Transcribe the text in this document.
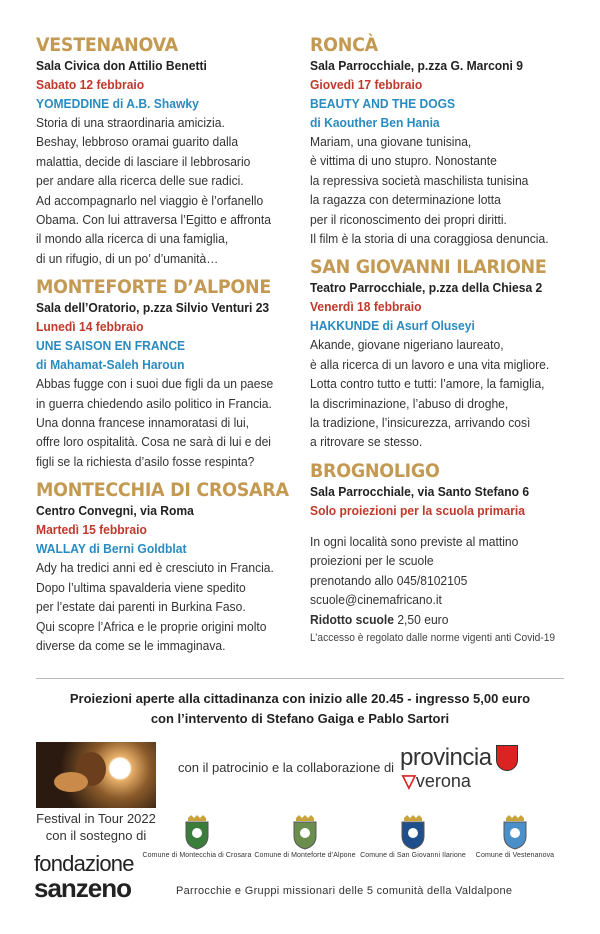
VESTENANOVA
Sala Civica don Attilio Benetti
Sabato 12 febbraio
YOMEDDINE di A.B. Shawky
Storia di una straordinaria amicizia.
Beshay, lebbroso oramai guarito dalla
malattia, decide di lasciare il lebbrosario
per andare alla ricerca delle sue radici.
Ad accompagnarlo nel viaggio è l’orfanello
Obama. Con lui attraversa l’Egitto e affronta
il mondo alla ricerca di una famiglia,
di un rifugio, di un po’ d’umanità…
MONTEFORTE D’ALPONE
Sala dell’Oratorio, p.zza Silvio Venturi 23
Lunedì 14 febbraio
UNE SAISON EN FRANCE
di Mahamat-Saleh Haroun
Abbas fugge con i suoi due figli da un paese
in guerra chiedendo asilo politico in Francia.
Una donna francese innamoratasi di lui,
offre loro ospitalità. Cosa ne sarà di lui e dei
figli se la richiesta d’asilo fosse respinta?
MONTECCHIA DI CROSARA
Centro Convegni, via Roma
Martedì 15 febbraio
WALLAY di Berni Goldblat
Ady ha tredici anni ed è cresciuto in Francia.
Dopo l’ultima spavalderia viene spedito
per l’estate dai parenti in Burkina Faso.
Qui scopre l’Africa e le proprie origini molto
diverse da come se le immaginava.
RONCÀ
Sala Parrocchiale, p.zza G. Marconi 9
Giovedì 17 febbraio
BEAUTY AND THE DOGS
di Kaouther Ben Hania
Mariam, una giovane tunisina,
è vittima di uno stupro. Nonostante
la repressiva società maschilista tunisina
la ragazza con determinazione lotta
per il riconoscimento dei propri diritti.
Il film è la storia di una coraggiosa denuncia.
SAN GIOVANNI ILARIONE
Teatro Parrocchiale, p.zza della Chiesa 2
Venerdì 18 febbraio
HAKKUNDE di Asurf Oluseyi
Akande, giovane nigeriano laureato,
è alla ricerca di un lavoro e una vita migliore.
Lotta contro tutto e tutti: l’amore, la famiglia,
la discriminazione, l’abuso di droghe,
la tradizione, l’insicurezza, arrivando così
a ritrovare se stesso.
BROGNOLIGO
Sala Parrocchiale, via Santo Stefano 6
Solo proiezioni per la scuola primaria
In ogni località sono previste al mattino
proiezioni per le scuole
prenotando allo 045/8102105
scuole@cinemafricano.it
Ridotto scuole 2,50 euro
L’accesso è regolato dalle norme vigenti anti Covid-19
Proiezioni aperte alla cittadinanza con inizio alle 20.45 - ingresso 5,00 euro
con l’intervento di Stefano Gaiga e Pablo Sartori
con il patrocinio e la collaborazione di provincia
▽verona
Festival in Tour 2022
con il sostegno di
fondazione
sanzeno
Comune di Montecchia di Crosara Comune di Monteforte d’Alpone Comune di San Giovanni Ilarione	Comune di Vestenanova
Parrocchie e Gruppi missionari delle 5 comunità della Valdalpone
